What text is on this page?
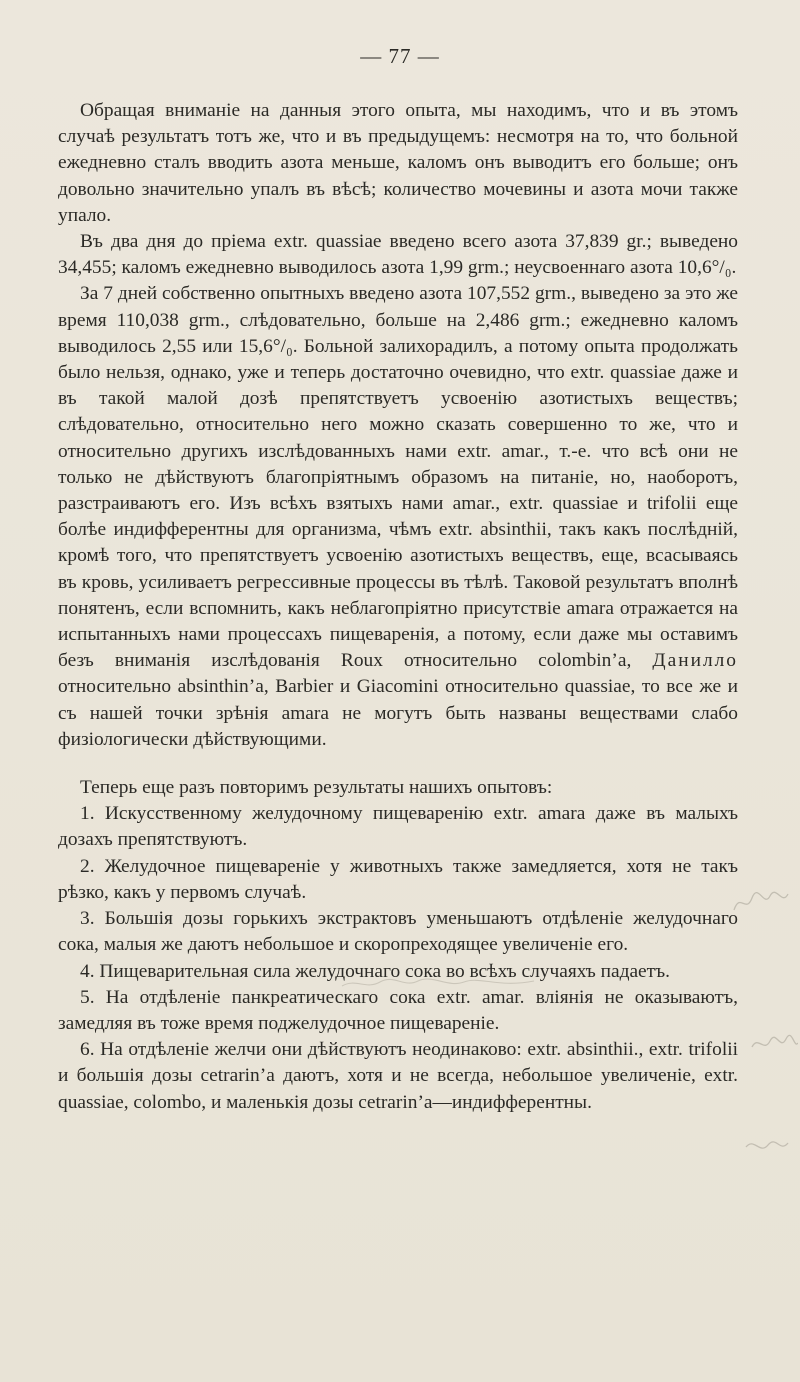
— 77 —

Обращая вниманіе на данныя этого опыта, мы находимъ, что и въ этомъ случаѣ результатъ тотъ же, что и въ предыдущемъ: несмотря на то, что больной ежедневно сталъ вводить азота меньше, каломъ онъ выводитъ его больше; онъ довольно значительно упалъ въ вѣсѣ; количество мочевины и азота мочи также упало.

Въ два дня до пріема extr. quassiae введено всего азота 37,839 gr.; выведено 34,455; каломъ ежедневно выводилось азота 1,99 grm.; неусвоеннаго азота 10,6°/₀.

За 7 дней собственно опытныхъ введено азота 107,552 grm., выведено за это же время 110,038 grm., слѣдовательно, больше на 2,486 grm.; ежедневно каломъ выводилось 2,55 или 15,6°/₀. Больной залихорадилъ, а потому опыта продолжать было нельзя, однако, уже и теперь достаточно очевидно, что extr. quassiae даже и въ такой малой дозѣ препятствуетъ усвоенію азотистыхъ веществъ; слѣдовательно, относительно него можно сказать совершенно то же, что и относительно другихъ изслѣдованныхъ нами extr. amar., т.-е. что всѣ они не только не дѣйствуютъ благопріятнымъ образомъ на питаніе, но, наоборотъ, разстраиваютъ его. Изъ всѣхъ взятыхъ нами amar., extr. quassiae и trifolii еще болѣе индифферентны для организма, чѣмъ extr. absinthii, такъ какъ послѣдній, кромѣ того, что препятствуетъ усвоенію азотистыхъ веществъ, еще, всасываясь въ кровь, усиливаетъ регрессивные процессы въ тѣлѣ. Таковой результатъ вполнѣ понятенъ, если вспомнить, какъ неблагопріятно присутствіе amara отражается на испытанныхъ нами процессахъ пищеваренія, а потому, если даже мы оставимъ безъ вниманія изслѣдованія Roux относительно colombin’a, Данилло относительно absinthin’a, Barbier и Giacomini относительно quassiae, то все же и съ нашей точки зрѣнія amara не могутъ быть названы веществами слабо физіологически дѣйствующими.

Теперь еще разъ повторимъ результаты нашихъ опытовъ:

1. Искусственному желудочному пищеваренію extr. amara даже въ малыхъ дозахъ препятствуютъ.

2. Желудочное пищевареніе у животныхъ также замедляется, хотя не такъ рѣзко, какъ у первомъ случаѣ.

3. Большія дозы горькихъ экстрактовъ уменьшаютъ отдѣленіе желудочнаго сока, малыя же даютъ небольшое и скоропреходящее увеличеніе его.

4. Пищеварительная сила желудочнаго сока во всѣхъ случаяхъ падаетъ.

5. На отдѣленіе панкреатическаго сока extr. amar. вліянія не оказываютъ, замедляя въ тоже время поджелудочное пищевареніе.

6. На отдѣленіе желчи они дѣйствуютъ неодинаково: extr. absinthii., extr. trifolii и большія дозы cetrarin’a даютъ, хотя и не всегда, небольшое увеличеніе, extr. quassiae, colombo, и маленькія дозы cetrarin’a—индифферентны.
